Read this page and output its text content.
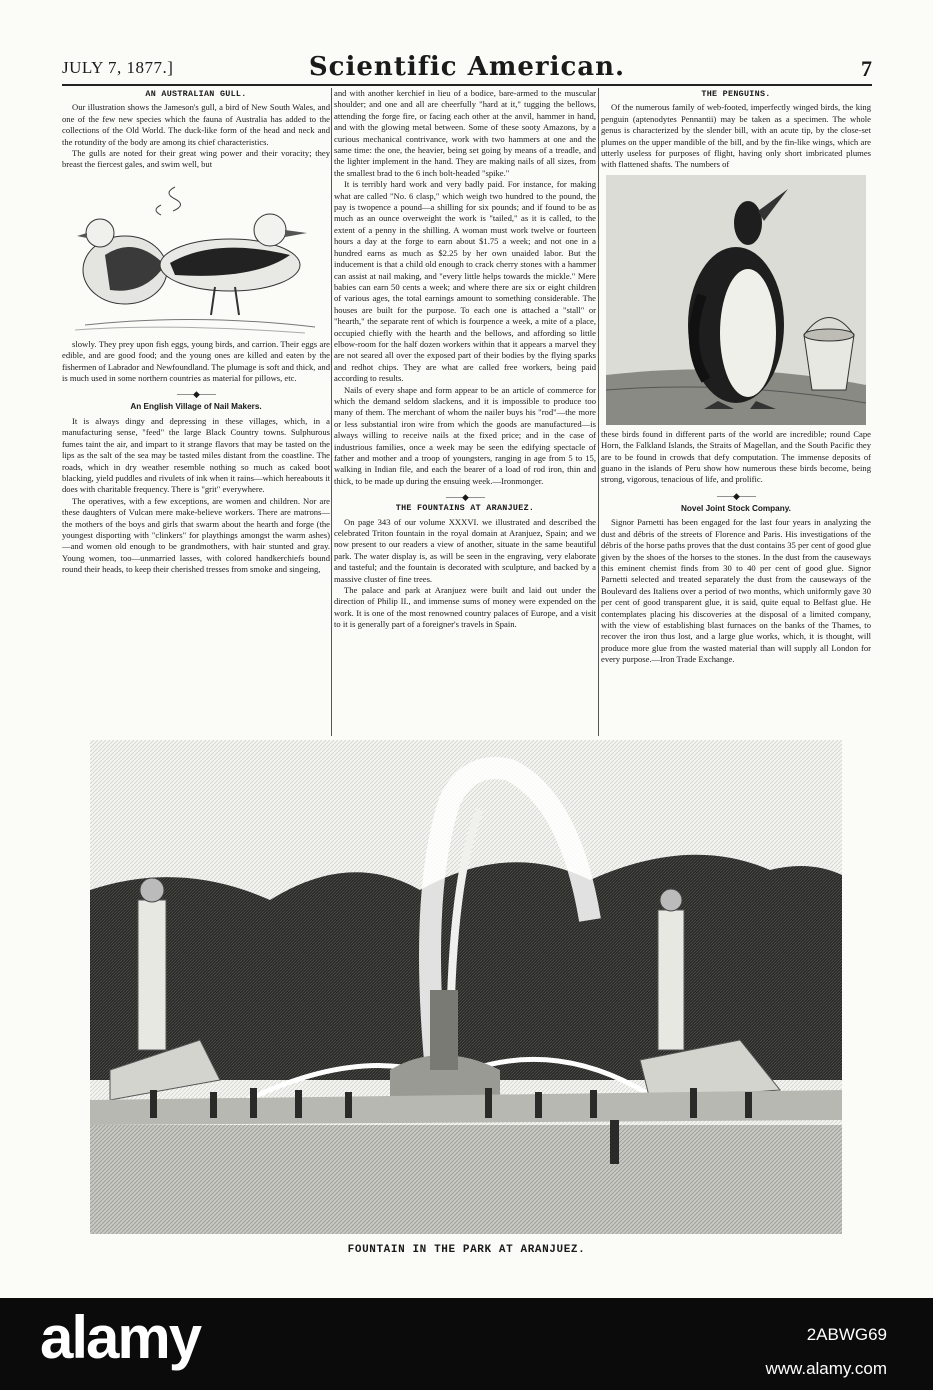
JULY 7, 1877.]	Scientific American.	7
AN AUSTRALIAN GULL.

Our illustration shows the Jameson's gull, a bird of New South Wales, and one of the few new species which the fauna of Australia has added to the collections of the Old World. The duck-like form of the head and neck and the rotundity of the body are among its chief characteristics.

The gulls are noted for their great wing power and their voracity; they breast the fiercest gales, and swim well, but

slowly. They prey upon fish eggs, young birds, and carrion. Their eggs are edible, and are good food; and the young ones are killed and eaten by the fishermen of Labrador and Newfoundland. The plumage is soft and thick, and is much used in some northern countries as material for pillows, etc.

——◆——
An English Village of Nail Makers.

It is always dingy and depressing in these villages, which, in a manufacturing sense, "feed" the large Black Country towns. Sulphurous fumes taint the air, and impart to it strange flavors that may be tasted on the lips as the salt of the sea may be tasted miles distant from the coastline. The roads, which in dry weather resemble nothing so much as caked boot blacking, yield puddles and rivulets of ink when it rains—which hereabouts it does with charitable frequency. There is "grit" everywhere.

The operatives, with a few exceptions, are women and children. Nor are these daughters of Vulcan mere make-believe workers. There are matrons—the mothers of the boys and girls that swarm about the hearth and forge (the youngest disporting with "clinkers" for playthings amongst the warm ashes)—and women old enough to be grandmothers, with hair stunted and gray. Young women, too—unmarried lasses, with colored handkerchiefs bound round their heads, to keep their cherished tresses from smoke and singeing,

and with another kerchief in lieu of a bodice, bare-armed to the muscular shoulder; and one and all are cheerfully "hard at it," tugging the bellows, attending the forge fire, or facing each other at the anvil, hammer in hand, and with the glowing metal between. Some of these sooty Amazons, by a curious mechanical contrivance, work with two hammers at one and the same time: the one, the heavier, being set going by means of a treadle, and the lighter implement in the hand. They are making nails of all sizes, from the smallest brad to the 6 inch bolt-headed "spike."

It is terribly hard work and very badly paid. For instance, for making what are called "No. 6 clasp," which weigh two hundred to the pound, the pay is twopence a pound—a shilling for six pounds; and if found to be as much as an ounce overweight the work is "tailed," as it is called, to the extent of a penny in the shilling. A woman must work twelve or fourteen hours a day at the forge to earn about $1.75 a week; and not one in a hundred earns as much as $2.25 by her own unaided labor. But the inducement is that a child old enough to crack cherry stones with a hammer can assist at nail making, and "every little helps towards the mickle." Mere babies can earn 50 cents a week; and where there are six or eight children of various ages, the total earnings amount to something considerable. The houses are built for the purpose. To each one is attached a "stall" or "hearth," the separate rent of which is fourpence a week, a mite of a place, occupied chiefly with the hearth and the bellows, and affording so little elbow-room for the half dozen workers within that it appears a marvel they are not seared all over the exposed part of their bodies by the flying sparks and redhot chips. They are what are called free workers, being paid according to results.

Nails of every shape and form appear to be an article of commerce for which the demand seldom slackens, and it is impossible to produce too many of them. The merchant of whom the nailer buys his "rod"—the more or less substantial iron wire from which the goods are manufactured—is always willing to receive nails at the fixed price; and in the case of industrious families, once a week may be seen the edifying spectacle of father and mother and a troop of youngsters, ranging in age from 5 to 15, walking in Indian file, and each the bearer of a load of rod iron, thin and thick, to be made up during the ensuing week.—Ironmonger.

——◆——
THE FOUNTAINS AT ARANJUEZ.

On page 343 of our volume XXXVI. we illustrated and described the celebrated Triton fountain in the royal domain at Aranjuez, Spain; and we now present to our readers a view of another, situate in the same beautiful park. The water display is, as will be seen in the engraving, very elaborate and tasteful; and the fountain is decorated with sculpture, and backed by a massive cluster of fine trees.

The palace and park at Aranjuez were built and laid out under the direction of Philip II., and immense sums of money were expended on the work. It is one of the most renowned country palaces of Europe, and a visit to it is generally part of a foreigner's travels in Spain.

THE PENGUINS.

Of the numerous family of web-footed, imperfectly winged birds, the king penguin (aptenodytes Pennantii) may be taken as a specimen. The whole genus is characterized by the slender bill, with an acute tip, by the close-set plumes on the upper mandible of the bill, and by the fin-like wings, which are utterly useless for purposes of flight, having only short imbricated plumes with flattened shafts. The numbers of

these birds found in different parts of the world are incredible; round Cape Horn, the Falkland Islands, the Straits of Magellan, and the South Pacific they are to be found in crowds that defy computation. The immense deposits of guano in the islands of Peru show how numerous these birds become, being strong, vigorous, tenacious of life, and prolific.

——◆——
Novel Joint Stock Company.

Signor Parnetti has been engaged for the last four years in analyzing the dust and débris of the streets of Florence and Paris. His investigations of the débris of the horse paths proves that the dust contains 35 per cent of good glue given by the shoes of the horses to the stones. In the dust from the causeways this eminent chemist finds from 30 to 40 per cent of good glue. Signor Parnetti selected and treated separately the dust from the causeways of the Boulevard des Italiens over a period of two months, which uniformly gave 30 per cent of good transparent glue, it is said, quite equal to Belfast glue. He contemplates placing his discoveries at the disposal of a limited company, with the view of establishing blast furnaces on the banks of the Thames, to recover the iron thus lost, and a large glue works, which, it is thought, will produce more glue from the wasted material than will supply all London for every purpose.—Iron Trade Exchange.

FOUNTAIN IN THE PARK AT ARANJUEZ.
alamy	2ABWG69
www.alamy.com
